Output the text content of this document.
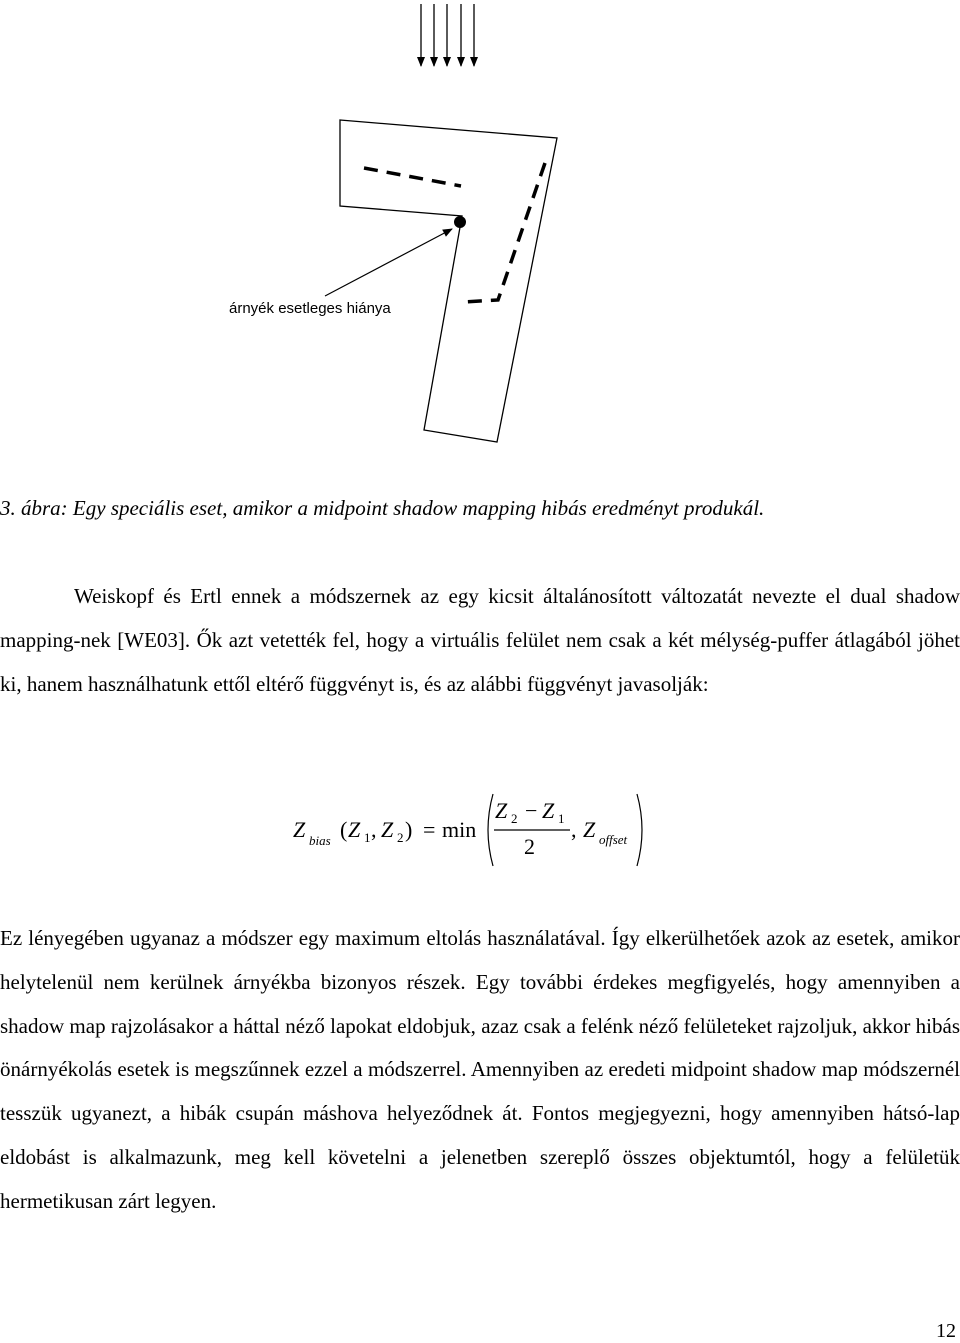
árnyék esetleges hiánya
3. ábra: Egy speciális eset, amikor a midpoint shadow mapping hibás eredményt produkál.

Weiskopf és Ertl ennek a módszernek az egy kicsit általánosított változatát nevezte el dual shadow mapping-nek [WE03]. Ők azt vetették fel, hogy a virtuális felület nem csak a két mélység-puffer átlagából jöhet ki, hanem használhatunk ettől eltérő függvényt is, és az alábbi függvényt javasolják:

Z bias ( Z 1 , Z 2 ) = min
Z 2 − Z 1
2
, Z offset

Ez lényegében ugyanaz a módszer egy maximum eltolás használatával. Így elkerülhetőek azok az esetek, amikor helytelenül nem kerülnek árnyékba bizonyos részek. Egy további érdekes megfigyelés, hogy amennyiben a shadow map rajzolásakor a háttal néző lapokat eldobjuk, azaz csak a felénk néző felületeket rajzoljuk, akkor hibás önárnyékolás esetek is megszűnnek ezzel a módszerrel. Amennyiben az eredeti midpoint shadow map módszernél tesszük ugyanezt, a hibák csupán máshova helyeződnek át. Fontos megjegyezni, hogy amennyiben hátsó-lap eldobást is alkalmazunk, meg kell követelni a jelenetben szereplő összes objektumtól, hogy a felületük hermetikusan zárt legyen.

12
